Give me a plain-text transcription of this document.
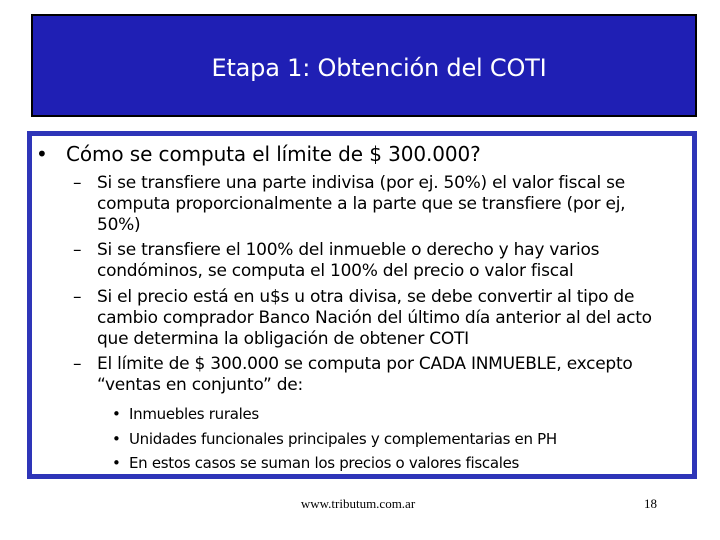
Etapa 1: Obtención del COTI
• Cómo se computa el límite de $ 300.000?
– Si se transfiere una parte indivisa (por ej. 50%) el valor fiscal se
computa proporcionalmente a la parte que se transfiere (por ej,
50%)
– Si se transfiere el 100% del inmueble o derecho y hay varios
condóminos, se computa el 100% del precio o valor fiscal
– Si el precio está en u$s u otra divisa, se debe convertir al tipo de
cambio comprador Banco Nación del último día anterior al del acto
que determina la obligación de obtener COTI
– El límite de $ 300.000 se computa por CADA INMUEBLE, excepto
“ventas en conjunto” de:
• Inmuebles rurales
• Unidades funcionales principales y complementarias en PH
• En estos casos se suman los precios o valores fiscales
www.tributum.com.ar	18
